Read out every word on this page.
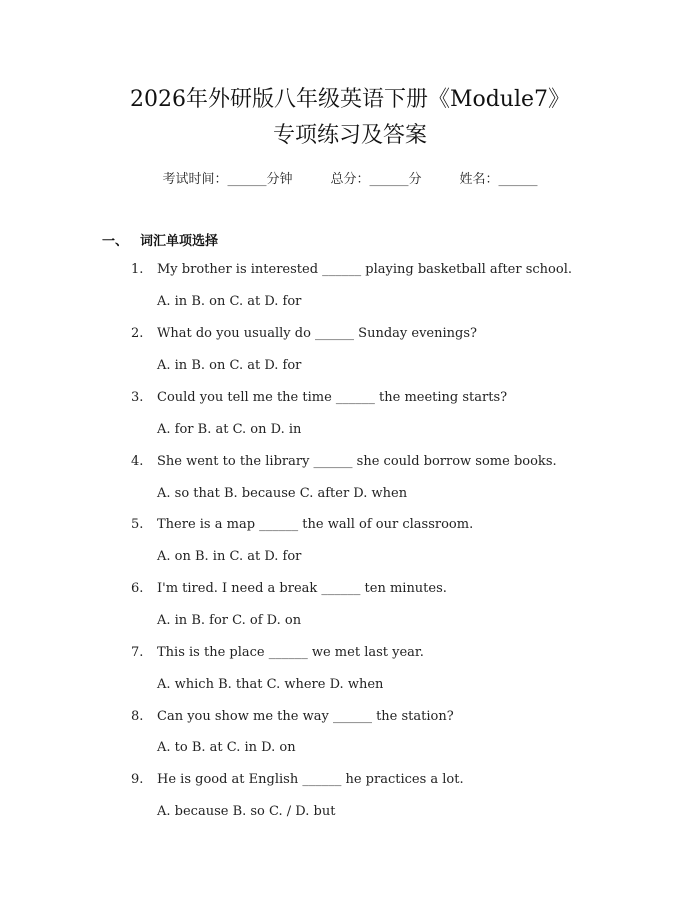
2026年外研版八年级英语下册《Module7》
专项练习及答案
考试时间：______分钟	总分：______分	姓名：______
一、 词汇单项选择
1. My brother is interested ______ playing basketball after school.
A. in B. on C. at D. for
2. What do you usually do ______ Sunday evenings?
A. in B. on C. at D. for
3. Could you tell me the time ______ the meeting starts?
A. for B. at C. on D. in
4. She went to the library ______ she could borrow some books.
A. so that B. because C. after D. when
5. There is a map ______ the wall of our classroom.
A. on B. in C. at D. for
6. I'm tired. I need a break ______ ten minutes.
A. in B. for C. of D. on
7. This is the place ______ we met last year.
A. which B. that C. where D. when
8. Can you show me the way ______ the station?
A. to B. at C. in D. on
9. He is good at English ______ he practices a lot.
A. because B. so C. / D. but
